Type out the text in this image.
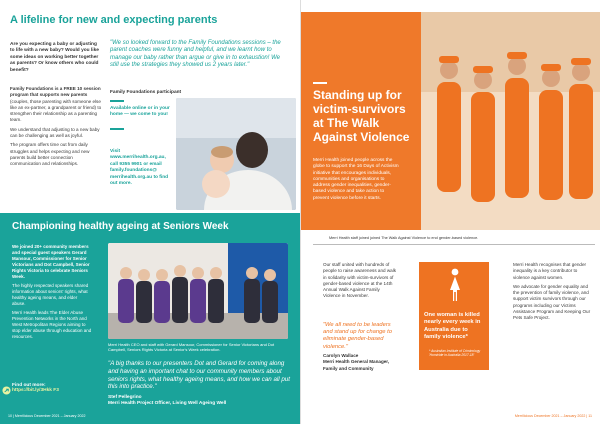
A lifeline for new and expecting parents
Are you expecting a baby or adjusting to life with a new baby? Would you like some ideas on working better together as parents? Or know others who could benefit?

Family Foundations is a FREE 10 session program that supports new parents (couples, those parenting with someone else like an ex-partner, a grandparent or friend) to strengthen their relationship as a parenting team.

We understand that adjusting to a new baby can be challenging as well as joyful.

The program offers time out from daily struggles and helps expecting and new parents build better connection communication and relationships.

"We so looked forward to the Family Foundations sessions – the parent coaches were funny and helpful, and we learnt how to manage our baby rather than argue or give in to exhaustion! We still use the strategies they showed us 2 years later."
Family Foundations participant
Available online or in your home — we come to you!
Visit www.merrihealth.org.au, call 9355 9901 or email family.foundations@ merrihealth.org.au to find out more.
Championing healthy ageing at Seniors Week

We joined 20+ community members and special guest speakers Gerard Mansour, Commissioner for Senior Victorians and Dot Campbell, Senior Rights Victoria to celebrate Seniors Week.

The highly respected speakers shared information about seniors' rights, what healthy ageing means, and elder abuse.

Merri Health leads The Elder Abuse Prevention Networks in the North and West Metropolitan Regions aiming to stop elder abuse through education and resources.

Find out more:
https://bit.ly/3Hkk F3
Merri Health CEO and staff with Gerard Mansour, Commissioner for Senior Victorians and Dot Campbell, Seniors Rights Victoria at Senior's Week celebration.
"A big thanks to our presenters Dot and Gerard for coming along and having an important chat to our community members about seniors rights, what healthy ageing means, and how we can all put this into practice."
Stef Pellegrino
Merri Health Project Officer, Living Well Ageing Well
10 | Merrilicious December 2021 – January 2022
Standing up for victim-survivors at The Walk Against Violence
Merri Health joined people across the globe to support the 16 Days of Activism initiative that encourages individuals, communities and organisations to address gender inequalities, gender-based violence and take action to prevent violence before it starts.
Merri Health staff joined joined The Walk Against Violence to end gender-based violence.

Our staff united with hundreds of people to raise awareness and walk in solidarity with victim-survivors of gender-based violence at the 14th Annual Walk Against Family Violence in November.

"We all need to be leaders and stand up for change to eliminate gender-based violence."
Carolyn Wallace
Merri Health General Manager, Family and Community
One woman is killed nearly every week in Australia due to family violence*
* Australian Institute of Criminology 'Homicide in Australia 2017-18'

Merri Health recognises that gender inequality is a key contributor to violence against women.

We advocate for gender equality and the prevention of family violence, and support victim survivors through our programs including our Victims Assistance Program and Keeping Our Pets Safe Project.

Merrilicious December 2021 – January 2022 | 11
